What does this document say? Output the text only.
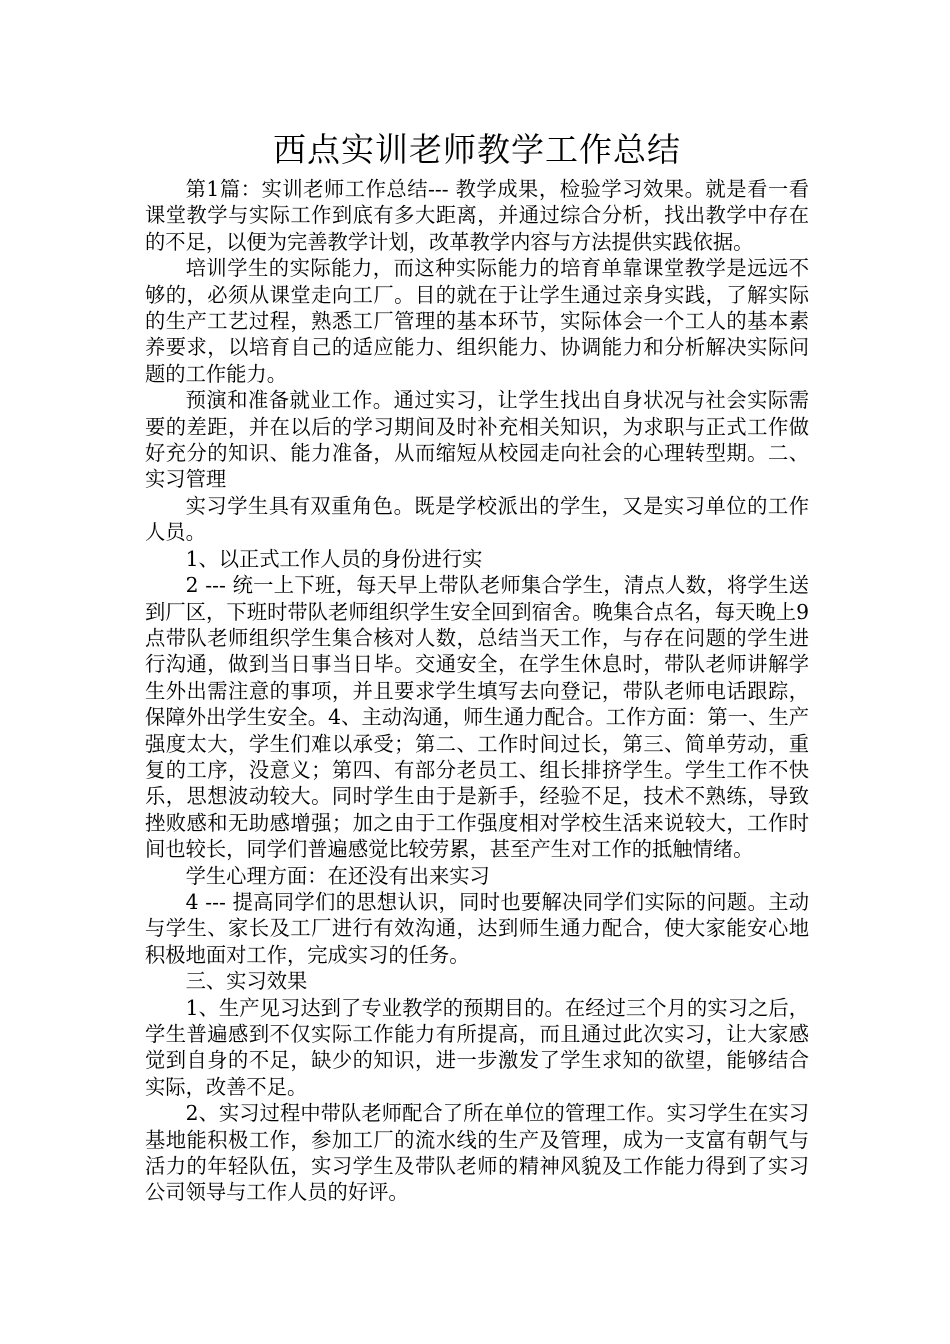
西点实训老师教学工作总结

第1篇：实训老师工作总结--- 教学成果，检验学习效果。就是看一看课堂教学与实际工作到底有多大距离，并通过综合分析，找出教学中存在的不足，以便为完善教学计划，改革教学内容与方法提供实践依据。

培训学生的实际能力，而这种实际能力的培育单靠课堂教学是远远不够的，必须从课堂走向工厂。目的就在于让学生通过亲身实践，了解实际的生产工艺过程，熟悉工厂管理的基本环节，实际体会一个工人的基本素养要求，以培育自己的适应能力、组织能力、协调能力和分析解决实际问题的工作能力。

预演和准备就业工作。通过实习，让学生找出自身状况与社会实际需要的差距，并在以后的学习期间及时补充相关知识，为求职与正式工作做好充分的知识、能力准备，从而缩短从校园走向社会的心理转型期。二、实习管理

实习学生具有双重角色。既是学校派出的学生，又是实习单位的工作人员。

1、以正式工作人员的身份进行实

2 --- 统一上下班，每天早上带队老师集合学生，清点人数，将学生送到厂区，下班时带队老师组织学生安全回到宿舍。晚集合点名，每天晚上9点带队老师组织学生集合核对人数，总结当天工作，与存在问题的学生进行沟通，做到当日事当日毕。交通安全，在学生休息时，带队老师讲解学生外出需注意的事项，并且要求学生填写去向登记，带队老师电话跟踪，保障外出学生安全。4、主动沟通，师生通力配合。工作方面：第一、生产强度太大，学生们难以承受；第二、工作时间过长，第三、简单劳动，重复的工序，没意义；第四、有部分老员工、组长排挤学生。学生工作不快乐，思想波动较大。同时学生由于是新手，经验不足，技术不熟练，导致挫败感和无助感增强；加之由于工作强度相对学校生活来说较大，工作时间也较长，同学们普遍感觉比较劳累，甚至产生对工作的抵触情绪。

学生心理方面：在还没有出来实习

4 --- 提高同学们的思想认识，同时也要解决同学们实际的问题。主动与学生、家长及工厂进行有效沟通，达到师生通力配合，使大家能安心地积极地面对工作，完成实习的任务。

三、实习效果

1、生产见习达到了专业教学的预期目的。在经过三个月的实习之后，学生普遍感到不仅实际工作能力有所提高，而且通过此次实习，让大家感觉到自身的不足，缺少的知识，进一步激发了学生求知的欲望，能够结合实际，改善不足。

2、实习过程中带队老师配合了所在单位的管理工作。实习学生在实习基地能积极工作，参加工厂的流水线的生产及管理，成为一支富有朝气与活力的年轻队伍，实习学生及带队老师的精神风貌及工作能力得到了实习公司领导与工作人员的好评。
